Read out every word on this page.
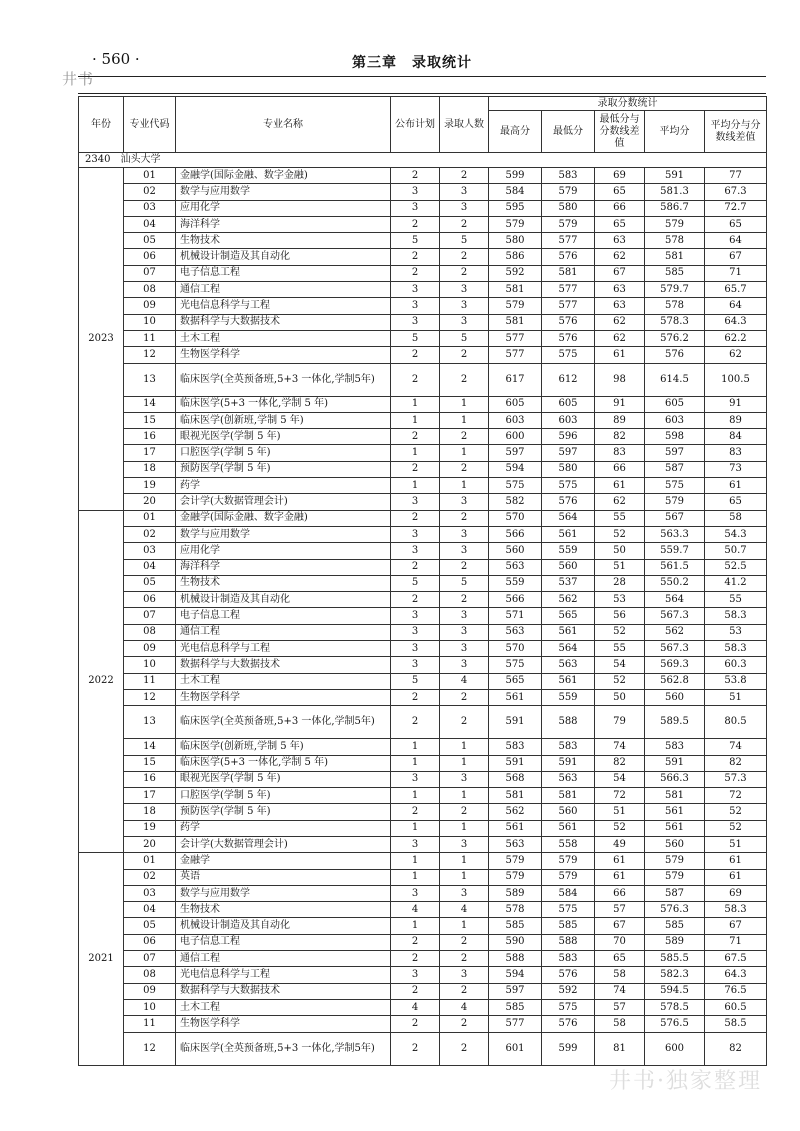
· 560 ·
井书
第三章　录取统计
年份	专业代码	专业名称	公布计划	录取人数	录取分数统计				
					最高分	最低分	最低分与分数线差值	平均分	平均分与分数线差值
2340　汕头大学									
2023	01	金融学(国际金融、数字金融)	2	2	599	583	69	591	77
	02	数学与应用数学	3	3	584	579	65	581.3	67.3
	03	应用化学	3	3	595	580	66	586.7	72.7
	04	海洋科学	2	2	579	579	65	579	65
	05	生物技术	5	5	580	577	63	578	64
	06	机械设计制造及其自动化	2	2	586	576	62	581	67
	07	电子信息工程	2	2	592	581	67	585	71
	08	通信工程	3	3	581	577	63	579.7	65.7
	09	光电信息科学与工程	3	3	579	577	63	578	64
	10	数据科学与大数据技术	3	3	581	576	62	578.3	64.3
	11	土木工程	5	5	577	576	62	576.2	62.2
	12	生物医学科学	2	2	577	575	61	576	62
	13	临床医学(全英预备班,5+3 一体化,学制5年)	2	2	617	612	98	614.5	100.5
	14	临床医学(5+3 一体化,学制 5 年)	1	1	605	605	91	605	91
	15	临床医学(创新班,学制 5 年)	1	1	603	603	89	603	89
	16	眼视光医学(学制 5 年)	2	2	600	596	82	598	84
	17	口腔医学(学制 5 年)	1	1	597	597	83	597	83
	18	预防医学(学制 5 年)	2	2	594	580	66	587	73
	19	药学	1	1	575	575	61	575	61
	20	会计学(大数据管理会计)	3	3	582	576	62	579	65
2022	01	金融学(国际金融、数字金融)	2	2	570	564	55	567	58
	02	数学与应用数学	3	3	566	561	52	563.3	54.3
	03	应用化学	3	3	560	559	50	559.7	50.7
	04	海洋科学	2	2	563	560	51	561.5	52.5
	05	生物技术	5	5	559	537	28	550.2	41.2
	06	机械设计制造及其自动化	2	2	566	562	53	564	55
	07	电子信息工程	3	3	571	565	56	567.3	58.3
	08	通信工程	3	3	563	561	52	562	53
	09	光电信息科学与工程	3	3	570	564	55	567.3	58.3
	10	数据科学与大数据技术	3	3	575	563	54	569.3	60.3
	11	土木工程	5	4	565	561	52	562.8	53.8
	12	生物医学科学	2	2	561	559	50	560	51
	13	临床医学(全英预备班,5+3 一体化,学制5年)	2	2	591	588	79	589.5	80.5
	14	临床医学(创新班,学制 5 年)	1	1	583	583	74	583	74
	15	临床医学(5+3 一体化,学制 5 年)	1	1	591	591	82	591	82
	16	眼视光医学(学制 5 年)	3	3	568	563	54	566.3	57.3
	17	口腔医学(学制 5 年)	1	1	581	581	72	581	72
	18	预防医学(学制 5 年)	2	2	562	560	51	561	52
	19	药学	1	1	561	561	52	561	52
	20	会计学(大数据管理会计)	3	3	563	558	49	560	51
2021	01	金融学	1	1	579	579	61	579	61
	02	英语	1	1	579	579	61	579	61
	03	数学与应用数学	3	3	589	584	66	587	69
	04	生物技术	4	4	578	575	57	576.3	58.3
	05	机械设计制造及其自动化	1	1	585	585	67	585	67
	06	电子信息工程	2	2	590	588	70	589	71
	07	通信工程	2	2	588	583	65	585.5	67.5
	08	光电信息科学与工程	3	3	594	576	58	582.3	64.3
	09	数据科学与大数据技术	2	2	597	592	74	594.5	76.5
	10	土木工程	4	4	585	575	57	578.5	60.5
	11	生物医学科学	2	2	577	576	58	576.5	58.5
	12	临床医学(全英预备班,5+3 一体化,学制5年)	2	2	601	599	81	600	82
井书·独家整理
